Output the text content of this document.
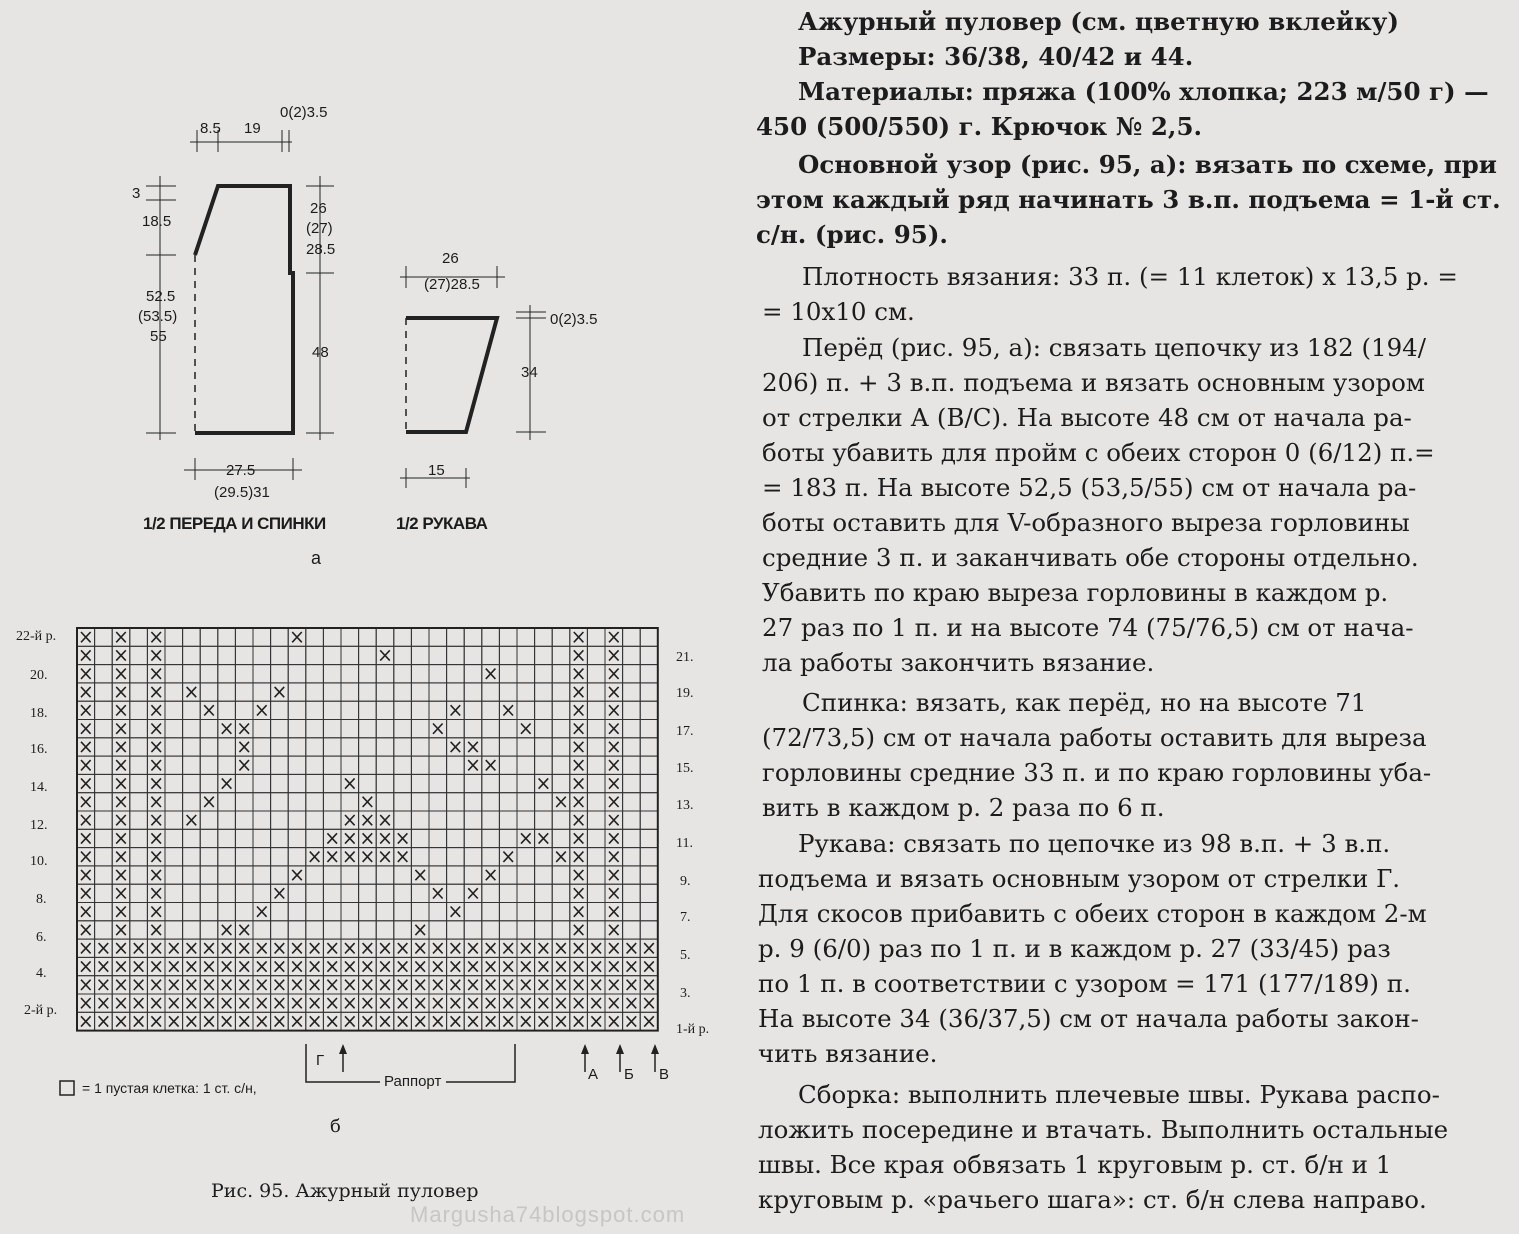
8.5 19
0(2)3.5
3
18.5
26
(27)
28.5
52.5
(53.5)
55
48
27.5
(29.5)31
1/2 ПЕРЕДА И СПИНКИ
26
(27)28.5
0(2)3.5
34
15
1/2 РУКАВА
а
22-й р.
20.
18.
16.
14.
12.
10.
8.
6.
4.
2-й р.
21.
19.
17.
15.
13.
11.
9.
7.
5.
3.
1-й р.
Г
Раппорт	А Б В
= 1 пустая клетка: 1 ст. с/н,
б
Рис. 95. Ажурный пуловер
Margusha74blogspot.com
Ажурный пуловер (см. цветную вклейку)
Размеры: 36/38, 40/42 и 44.
Материалы: пряжа (100% хлопка; 223 м/50 г) —
450 (500/550) г. Крючок № 2,5.
Основной узор (рис. 95, а): вязать по схеме, при
этом каждый ряд начинать 3 в.п. подъема = 1-й ст.
с/н. (рис. 95).
Плотность вязания: 33 п. (= 11 клеток) х 13,5 р. =
= 10х10 см.
Перёд (рис. 95, а): связать цепочку из 182 (194/
206) п. + 3 в.п. подъема и вязать основным узором
от стрелки А (В/С). На высоте 48 см от начала ра-
боты убавить для пройм с обеих сторон 0 (6/12) п.=
= 183 п. На высоте 52,5 (53,5/55) см от начала ра-
боты оставить для V-образного выреза горловины
средние 3 п. и заканчивать обе стороны отдельно.
Убавить по краю выреза горловины в каждом р.
27 раз по 1 п. и на высоте 74 (75/76,5) см от нача-
ла работы закончить вязание.
Спинка: вязать, как перёд, но на высоте 71
(72/73,5) см от начала работы оставить для выреза
горловины средние 33 п. и по краю горловины уба-
вить в каждом р. 2 раза по 6 п.
Рукава: связать по цепочке из 98 в.п. + 3 в.п.
подъема и вязать основным узором от стрелки Г.
Для скосов прибавить с обеих сторон в каждом 2-м
р. 9 (6/0) раз по 1 п. и в каждом р. 27 (33/45) раз
по 1 п. в соответствии с узором = 171 (177/189) п.
На высоте 34 (36/37,5) см от начала работы закон-
чить вязание.
Сборка: выполнить плечевые швы. Рукава распо-
ложить посередине и втачать. Выполнить остальные
швы. Все края обвязать 1 круговым р. ст. б/н и 1
круговым р. «рачьего шага»: ст. б/н слева направо.
